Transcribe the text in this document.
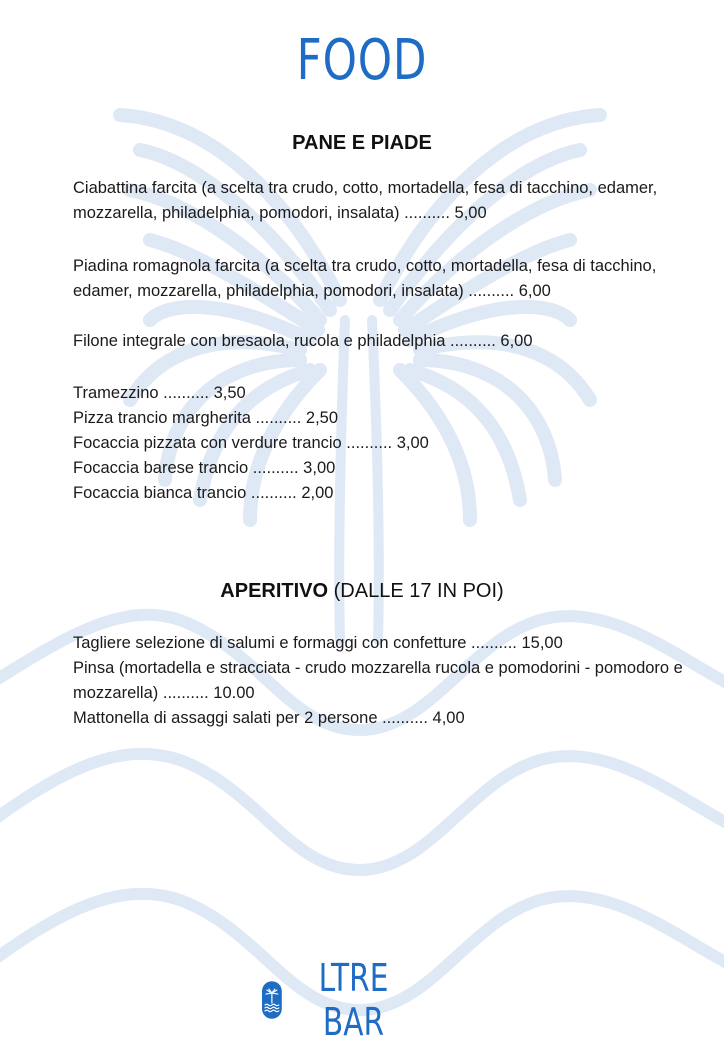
FOOD
PANE E PIADE

Ciabattina farcita (a scelta tra crudo, cotto, mortadella, fesa di tacchino, edamer, mozzarella, philadelphia, pomodori, insalata) .......... 5,00

Piadina romagnola farcita (a scelta tra crudo, cotto, mortadella, fesa di tacchino, edamer, mozzarella, philadelphia, pomodori, insalata) .......... 6,00

Filone integrale con bresaola, rucola e philadelphia .......... 6,00

Tramezzino .......... 3,50

Pizza trancio margherita .......... 2,50

Focaccia pizzata con verdure trancio .......... 3,00

Focaccia barese trancio .......... 3,00

Focaccia bianca trancio .......... 2,00

APERITIVO (DALLE 17 IN POI)

Tagliere selezione di salumi e formaggi con confetture .......... 15,00

Pinsa (mortadella e stracciata - crudo mozzarella rucola e pomodorini - pomodoro e mozzarella) .......... 10.00

Mattonella di assaggi salati per 2 persone .......... 4,00

LTRE BAR
